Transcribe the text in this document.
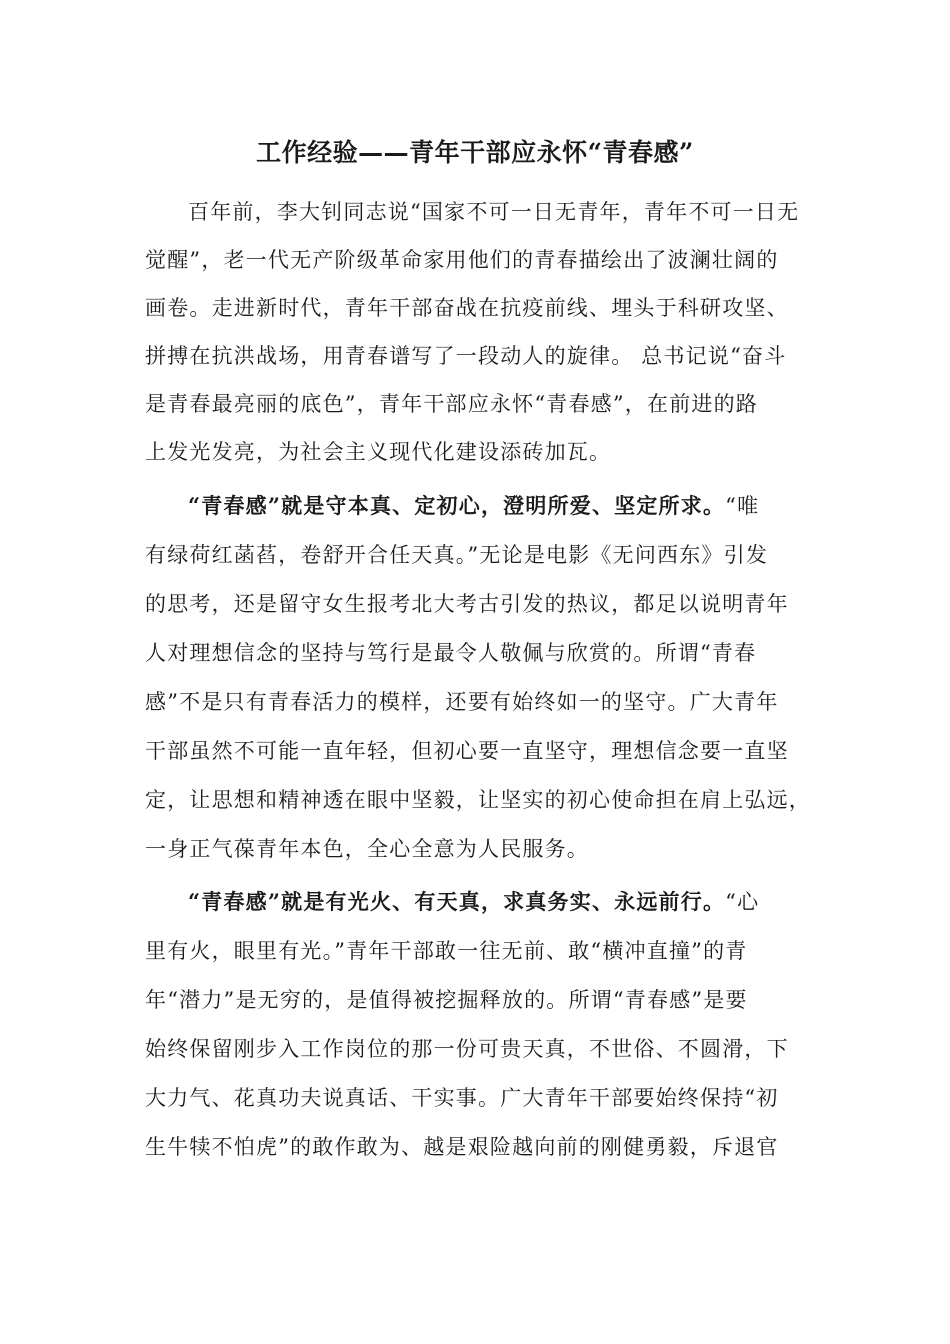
工作经验——青年干部应永怀“青春感”
百年前，李大钊同志说“国家不可一日无青年，青年不可一日无
觉醒”，老一代无产阶级革命家用他们的青春描绘出了波澜壮阔的
画卷。走进新时代，青年干部奋战在抗疫前线、埋头于科研攻坚、
拼搏在抗洪战场，用青春谱写了一段动人的旋律。 总书记说“奋斗
是青春最亮丽的底色”，青年干部应永怀“青春感”，在前进的路
上发光发亮，为社会主义现代化建设添砖加瓦。
“青春感”就是守本真、定初心，澄明所爱、坚定所求。“唯
有绿荷红菡萏，卷舒开合任天真。”无论是电影《无问西东》引发
的思考，还是留守女生报考北大考古引发的热议，都足以说明青年
人对理想信念的坚持与笃行是最令人敬佩与欣赏的。所谓“青春
感”不是只有青春活力的模样，还要有始终如一的坚守。广大青年
干部虽然不可能一直年轻，但初心要一直坚守，理想信念要一直坚
定，让思想和精神透在眼中坚毅，让坚实的初心使命担在肩上弘远，
一身正气葆青年本色，全心全意为人民服务。
“青春感”就是有光火、有天真，求真务实、永远前行。“心
里有火，眼里有光。”青年干部敢一往无前、敢“横冲直撞”的青
年“潜力”是无穷的，是值得被挖掘释放的。所谓“青春感”是要
始终保留刚步入工作岗位的那一份可贵天真，不世俗、不圆滑，下
大力气、花真功夫说真话、干实事。广大青年干部要始终保持“初
生牛犊不怕虎”的敢作敢为、越是艰险越向前的刚健勇毅，斥退官
